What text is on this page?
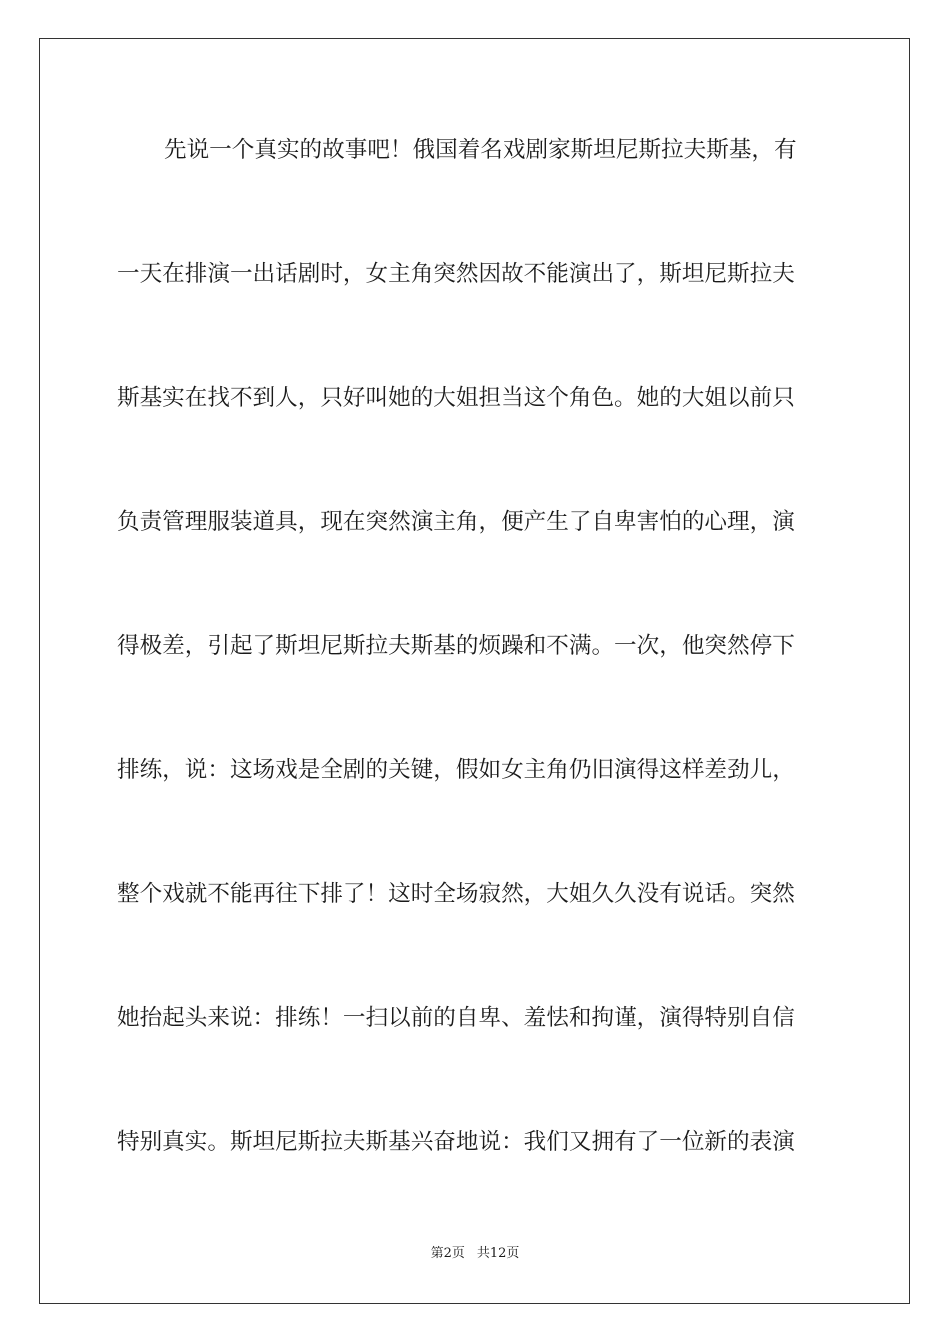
先说一个真实的故事吧！俄国着名戏剧家斯坦尼斯拉夫斯基，有
一天在排演一出话剧时，女主角突然因故不能演出了，斯坦尼斯拉夫
斯基实在找不到人，只好叫她的大姐担当这个角色。她的大姐以前只
负责管理服装道具，现在突然演主角，便产生了自卑害怕的心理，演
得极差，引起了斯坦尼斯拉夫斯基的烦躁和不满。一次，他突然停下
排练，说：这场戏是全剧的关键，假如女主角仍旧演得这样差劲儿，
整个戏就不能再往下排了！这时全场寂然，大姐久久没有说话。突然
她抬起头来说：排练！一扫以前的自卑、羞怯和拘谨，演得特别自信
特别真实。斯坦尼斯拉夫斯基兴奋地说：我们又拥有了一位新的表演
第2页 共12页
